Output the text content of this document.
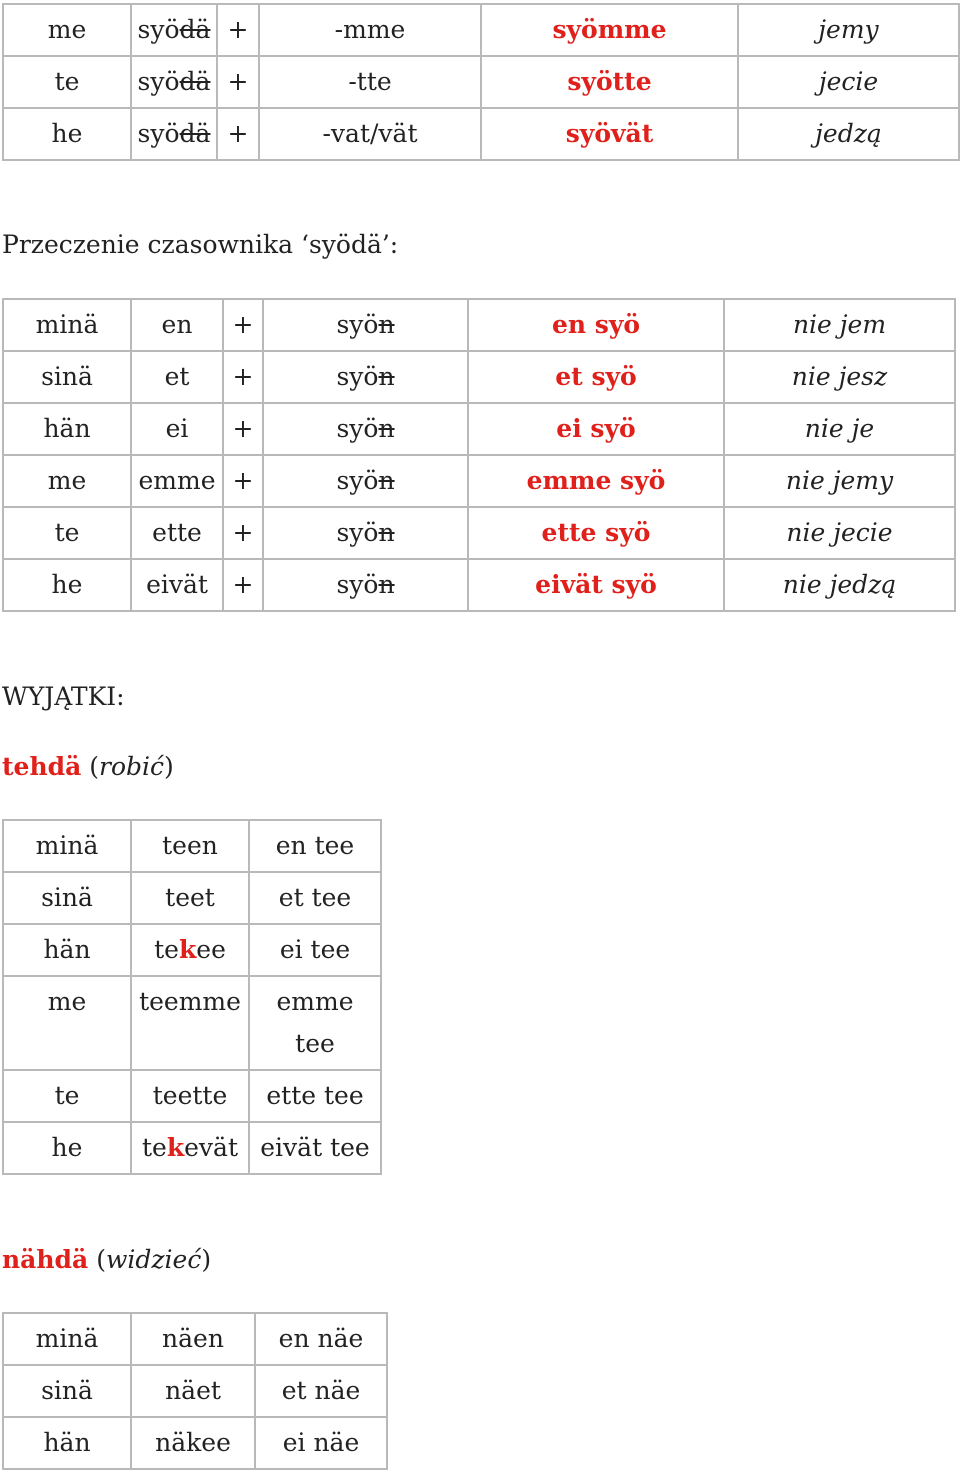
me	syödä	+	-mme	syömme	jemy
te	syödä	+	-tte	syötte	jecie
he	syödä	+	-vat/vät	syövät	jedzą
Przeczenie czasownika ‘syödä’:
minä	en	+	syön	en syö	nie jem
sinä	et	+	syön	et syö	nie jesz
hän	ei	+	syön	ei syö	nie je
me	emme	+	syön	emme syö	nie jemy
te	ette	+	syön	ette syö	nie jecie
he	eivät	+	syön	eivät syö	nie jedzą
WYJĄTKI:
tehdä (robić)
minä	teen	en tee
sinä	teet	et tee
hän	tekee	ei tee
me	teemme	emme tee
te	teette	ette tee
he	tekevät	eivät tee
nähdä (widzieć)
minä	näen	en näe
sinä	näet	et näe
hän	näkee	ei näe
